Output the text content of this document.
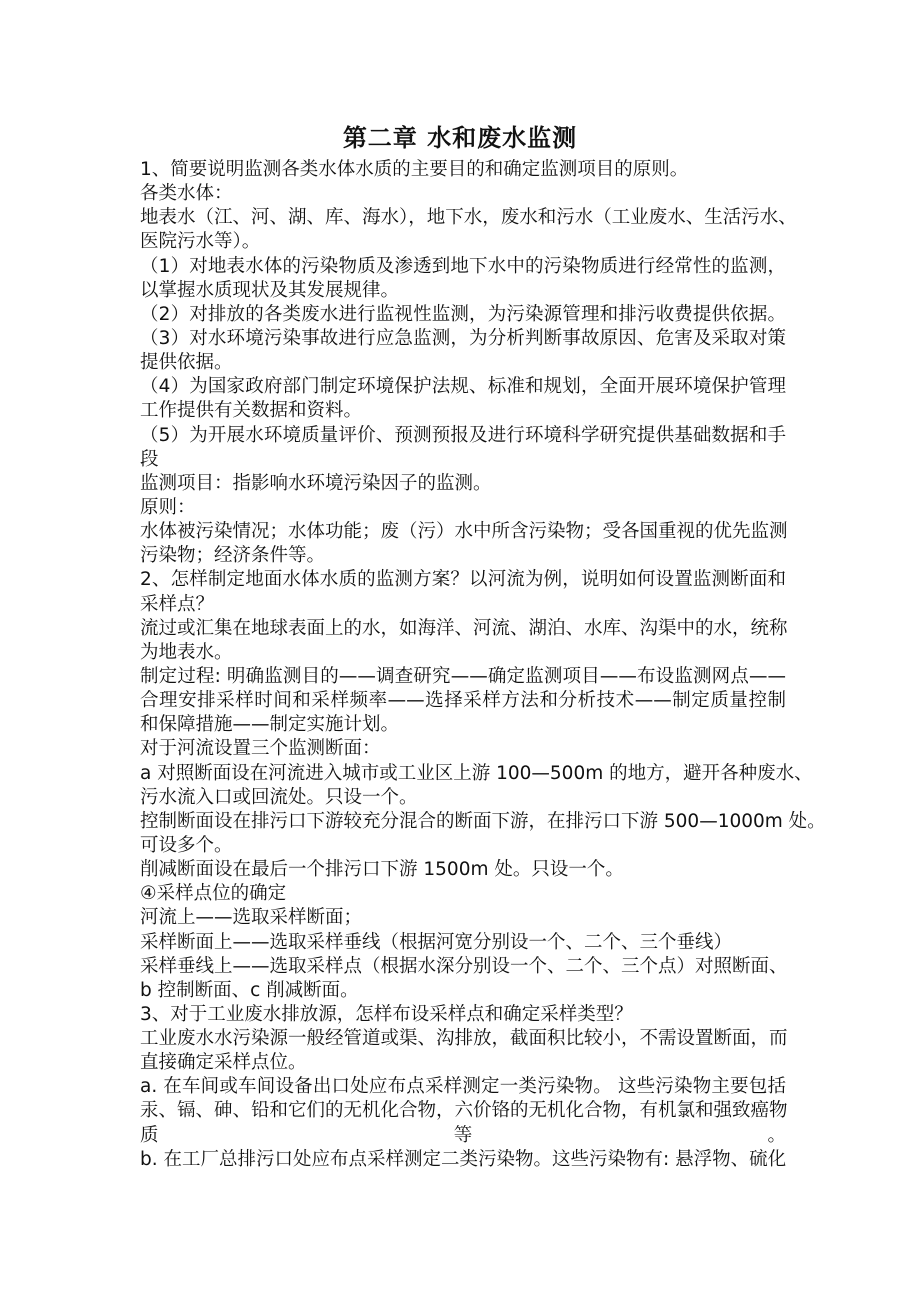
第二章 水和废水监测
1、简要说明监测各类水体水质的主要目的和确定监测项目的原则。
各类水体：
地表水（江、河、湖、库、海水），地下水，废水和污水（工业废水、生活污水、
医院污水等）。
（1）对地表水体的污染物质及渗透到地下水中的污染物质进行经常性的监测，
以掌握水质现状及其发展规律。
（2）对排放的各类废水进行监视性监测，为污染源管理和排污收费提供依据。
（3）对水环境污染事故进行应急监测，为分析判断事故原因、危害及采取对策
提供依据。
（4）为国家政府部门制定环境保护法规、标准和规划，全面开展环境保护管理
工作提供有关数据和资料。
（5）为开展水环境质量评价、预测预报及进行环境科学研究提供基础数据和手
段
监测项目：指影响水环境污染因子的监测。
原则：
水体被污染情况；水体功能；废（污）水中所含污染物；受各国重视的优先监测
污染物；经济条件等。
2、怎样制定地面水体水质的监测方案？以河流为例，说明如何设置监测断面和
采样点？
流过或汇集在地球表面上的水，如海洋、河流、湖泊、水库、沟渠中的水，统称
为地表水。
制定过程: 明确监测目的——调查研究——确定监测项目——布设监测网点——
合理安排采样时间和采样频率——选择采样方法和分析技术——制定质量控制
和保障措施——制定实施计划。
对于河流设置三个监测断面：
a 对照断面设在河流进入城市或工业区上游 100—500m 的地方，避开各种废水、
污水流入口或回流处。只设一个。
控制断面设在排污口下游较充分混合的断面下游，在排污口下游 500—1000m 处。
可设多个。
削减断面设在最后一个排污口下游 1500m 处。只设一个。
④采样点位的确定
河流上——选取采样断面；
采样断面上——选取采样垂线（根据河宽分别设一个、二个、三个垂线）
采样垂线上——选取采样点（根据水深分别设一个、二个、三个点）对照断面、
b 控制断面、c 削减断面。
3、对于工业废水排放源，怎样布设采样点和确定采样类型？
工业废水水污染源一般经管道或渠、沟排放，截面积比较小，不需设置断面，而
直接确定采样点位。
a. 在车间或车间设备出口处应布点采样测定一类污染物。 这些污染物主要包括
汞、镉、砷、铅和它们的无机化合物，六价铬的无机化合物，有机氯和强致癌物
质等。
b. 在工厂总排污口处应布点采样测定二类污染物。这些污染物有: 悬浮物、硫化
